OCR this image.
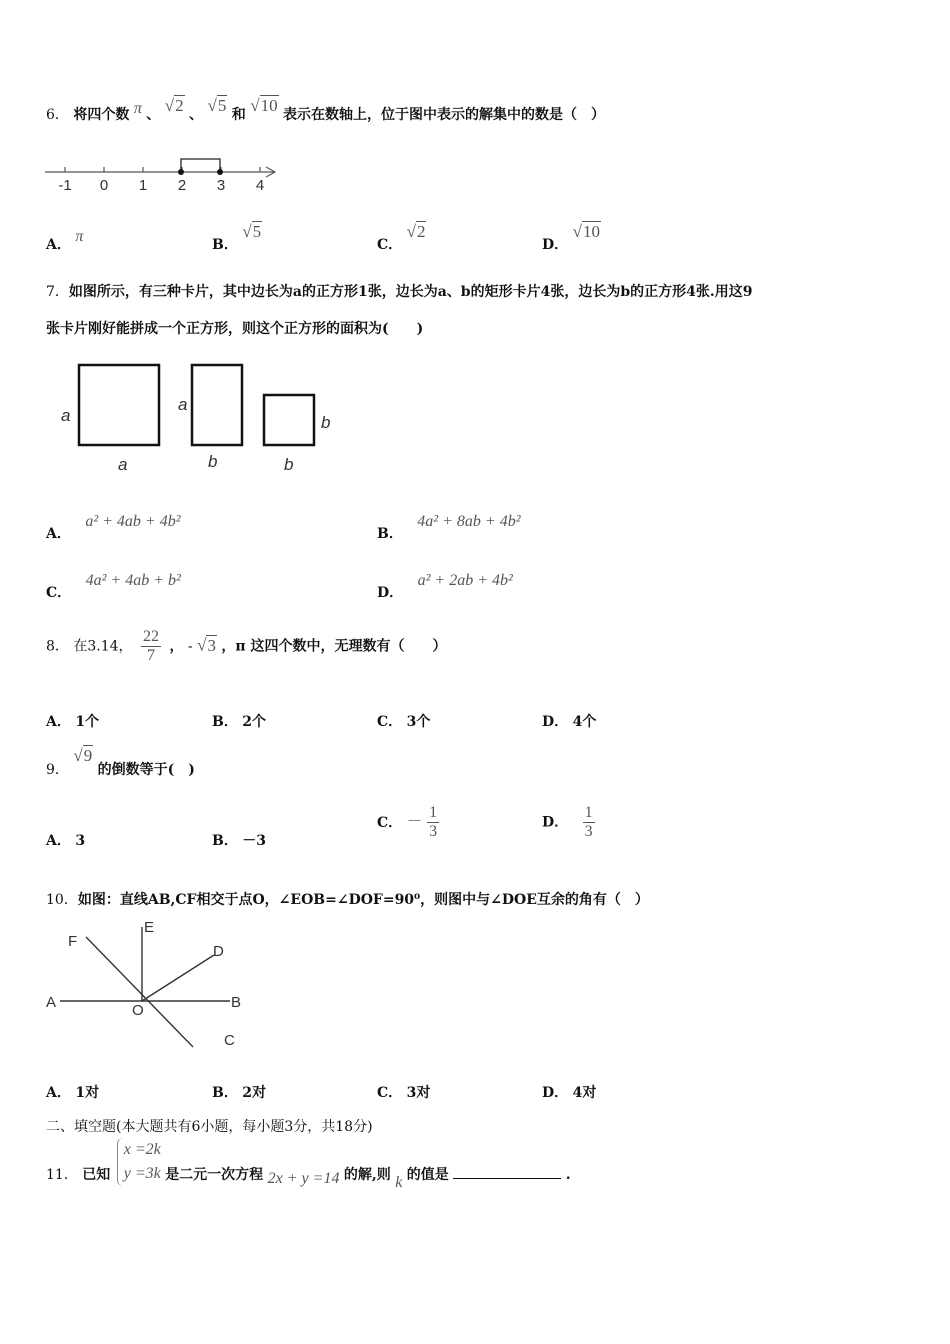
6． 将四个数 π 、 √2 、 √5 和 √10 表示在数轴上，位于图中表示的解集中的数是（　）
-1 0 1 2 3 4
A． π	B． √5
C． √2
D． √10
7．如图所示，有三种卡片，其中边长为a的正方形1张，边长为a、b的矩形卡片4张，边长为b的正方形4张.用这9
张卡片刚好能拼成一个正方形，则这个正方形的面积为(　　)
a
a
a
b
b
b
A． a² + 4ab + 4b²
B． 4a² + 8ab + 4b²
C． 4a² + 4ab + b²
D． a² + 2ab + 4b²
8． 在3.14， $\frac{22}{7}$ ， - √3 ，π 这四个数中，无理数有（　　）
A． 1个	B． 2个	C． 3个	D． 4个
9． √9 的倒数等于(　)
A． 3	B． －3
C． － $\frac{1}{3}$	D． $\frac{1}{3}$
10．如图：直线AB,CF相交于点O，∠EOB=∠DOF=90⁰，则图中与∠DOE互余的角有（　）
A	B
E
F
D
O
C
A． 1对	B． 2对	C． 3对	D． 4对
二、填空题(本大题共有6小题，每小题3分，共18分)
11． 已知
x =2k
y =3k 是二元一次方程 2x + y =14 的解,则 k 的值是	.
